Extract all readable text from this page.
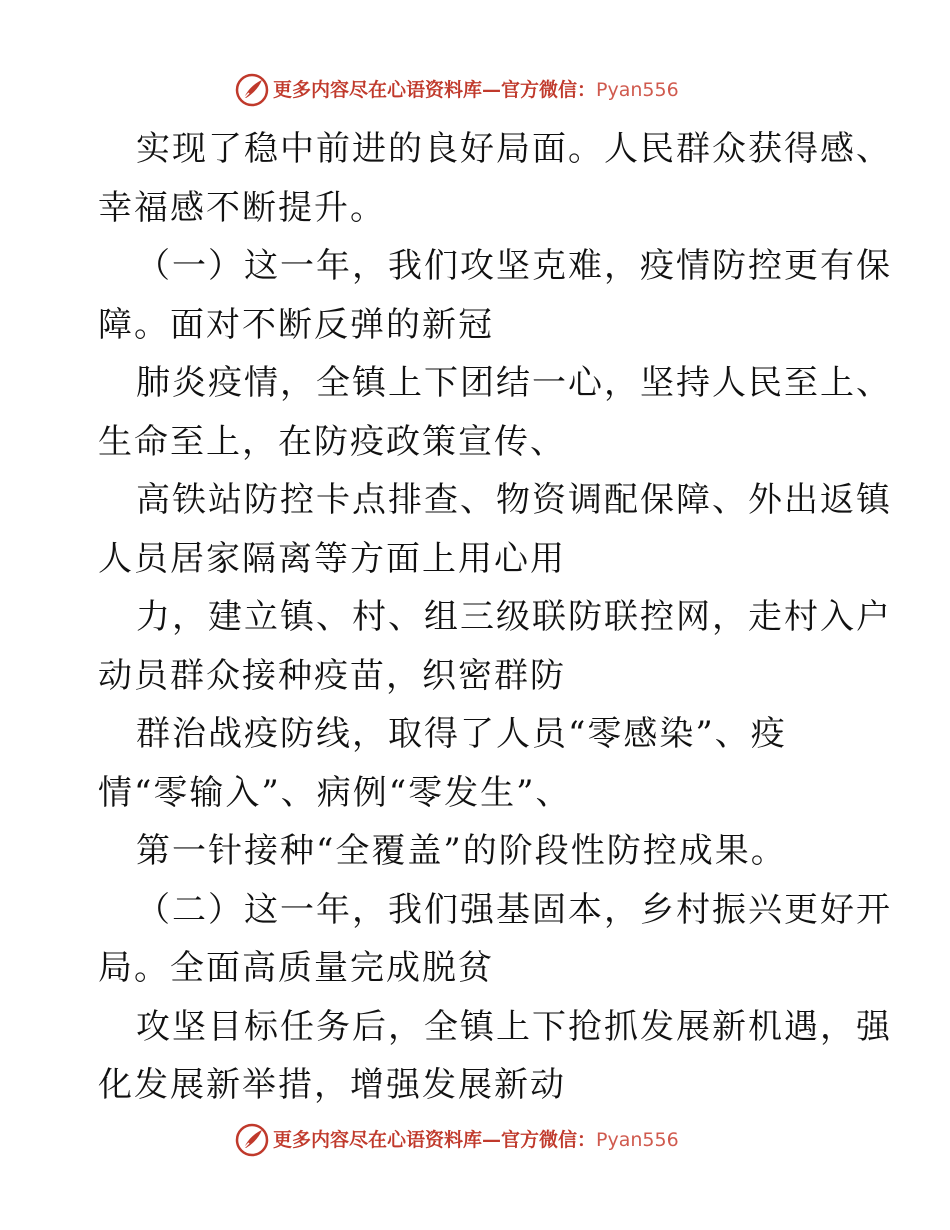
更多内容尽在心语资料库—官方微信： Pyan556
实现了稳中前进的良好局面。人民群众获得感、
幸福感不断提升。
（一）这一年，我们攻坚克难，疫情防控更有保
障。面对不断反弹的新冠
肺炎疫情，全镇上下团结一心，坚持人民至上、
生命至上，在防疫政策宣传、
高铁站防控卡点排查、物资调配保障、外出返镇
人员居家隔离等方面上用心用
力，建立镇、村、组三级联防联控网，走村入户
动员群众接种疫苗，织密群防
群治战疫防线，取得了人员“零感染”、疫
情“零输入”、病例“零发生”、
第一针接种“全覆盖”的阶段性防控成果。
（二）这一年，我们强基固本，乡村振兴更好开
局。全面高质量完成脱贫
攻坚目标任务后，全镇上下抢抓发展新机遇，强
化发展新举措，增强发展新动
更多内容尽在心语资料库—官方微信： Pyan556
